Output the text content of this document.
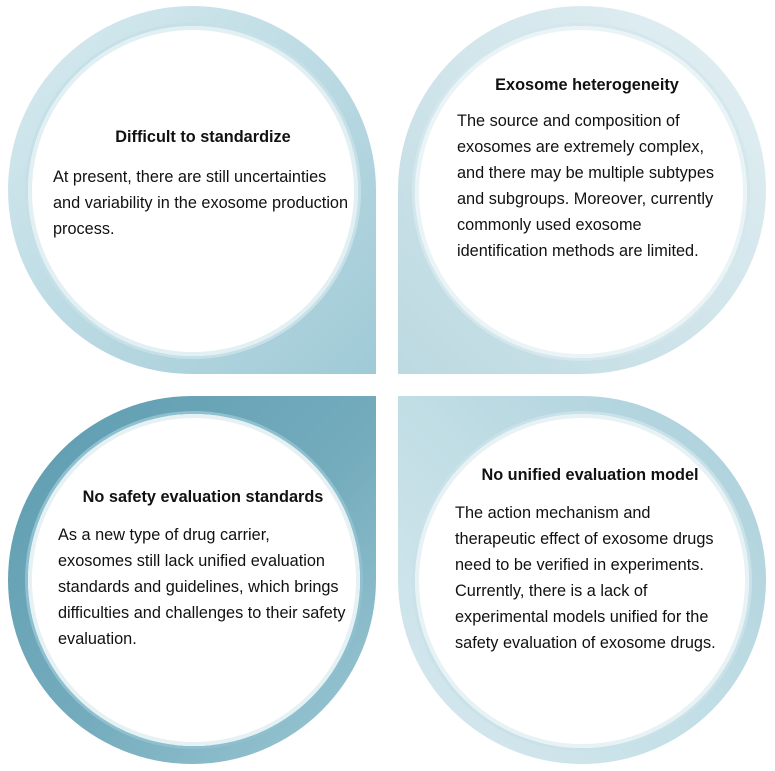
Difficult to standardize

At present, there are still uncertainties and variability in the exosome production process.

Exosome heterogeneity

The source and composition of exosomes are extremely complex, and there may be multiple subtypes and subgroups. Moreover, currently commonly used exosome identification methods are limited.

No safety evaluation standards

As a new type of drug carrier, exosomes still lack unified evaluation standards and guidelines, which brings difficulties and challenges to their safety evaluation.

No unified evaluation model

The action mechanism and therapeutic effect of exosome drugs need to be verified in experiments. Currently, there is a lack of experimental models unified for the safety evaluation of exosome drugs.
